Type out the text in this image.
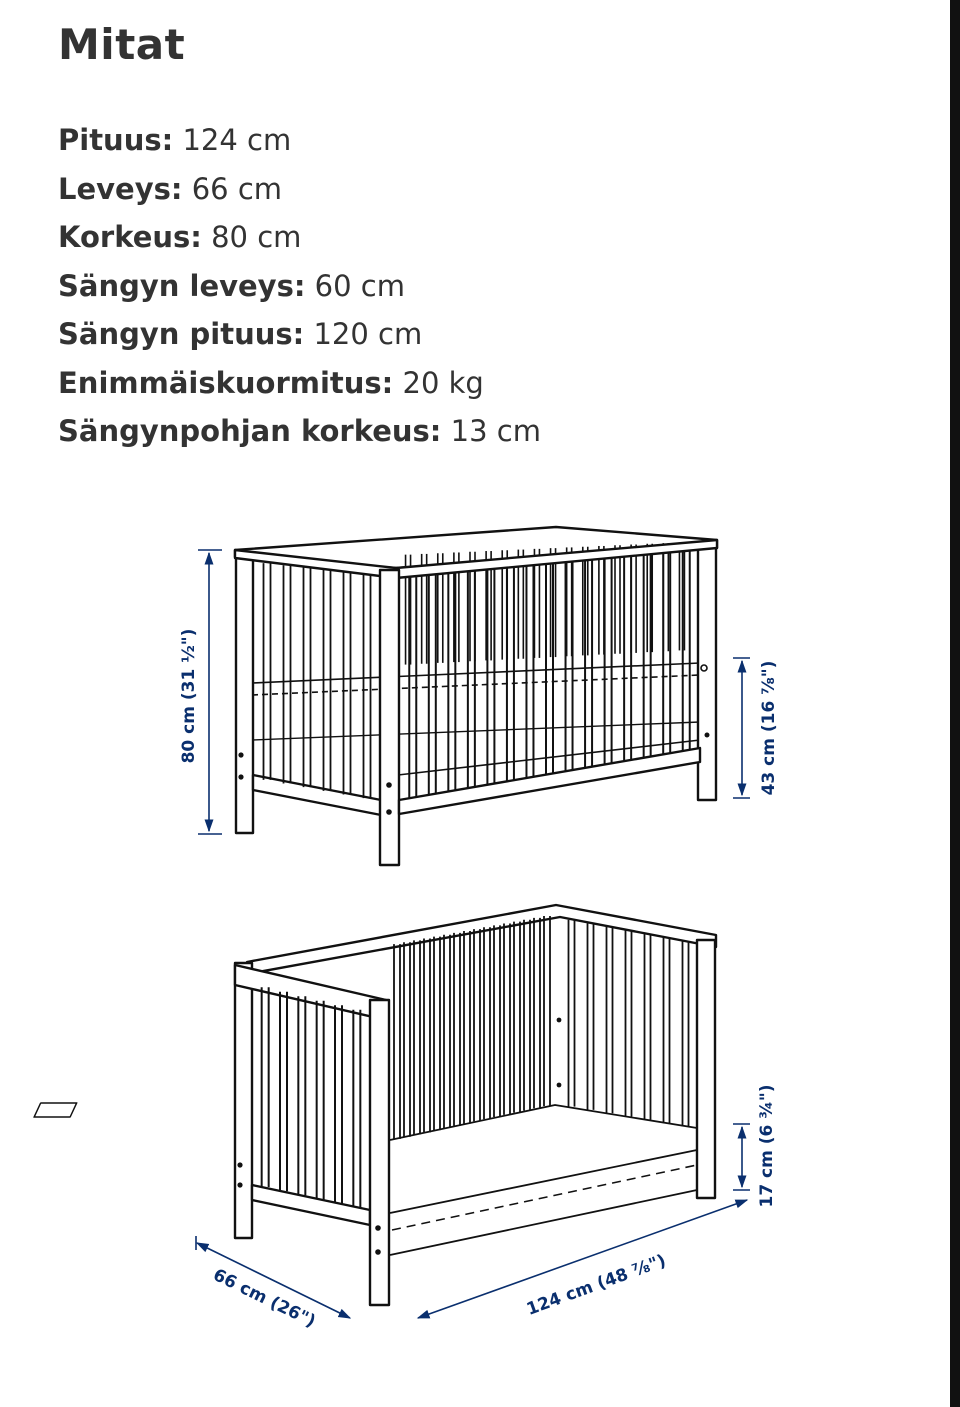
Mitat
Pituus: 124 cm
Leveys: 66 cm
Korkeus: 80 cm
Sängyn leveys: 60 cm
Sängyn pituus: 120 cm
Enimmäiskuormitus: 20 kg
Sängynpohjan korkeus: 13 cm
80 cm (31 ½")	43 cm (16 ⅞")
17 cm (6 ¾")
66 cm (26")	124 cm (48 ⅞")
